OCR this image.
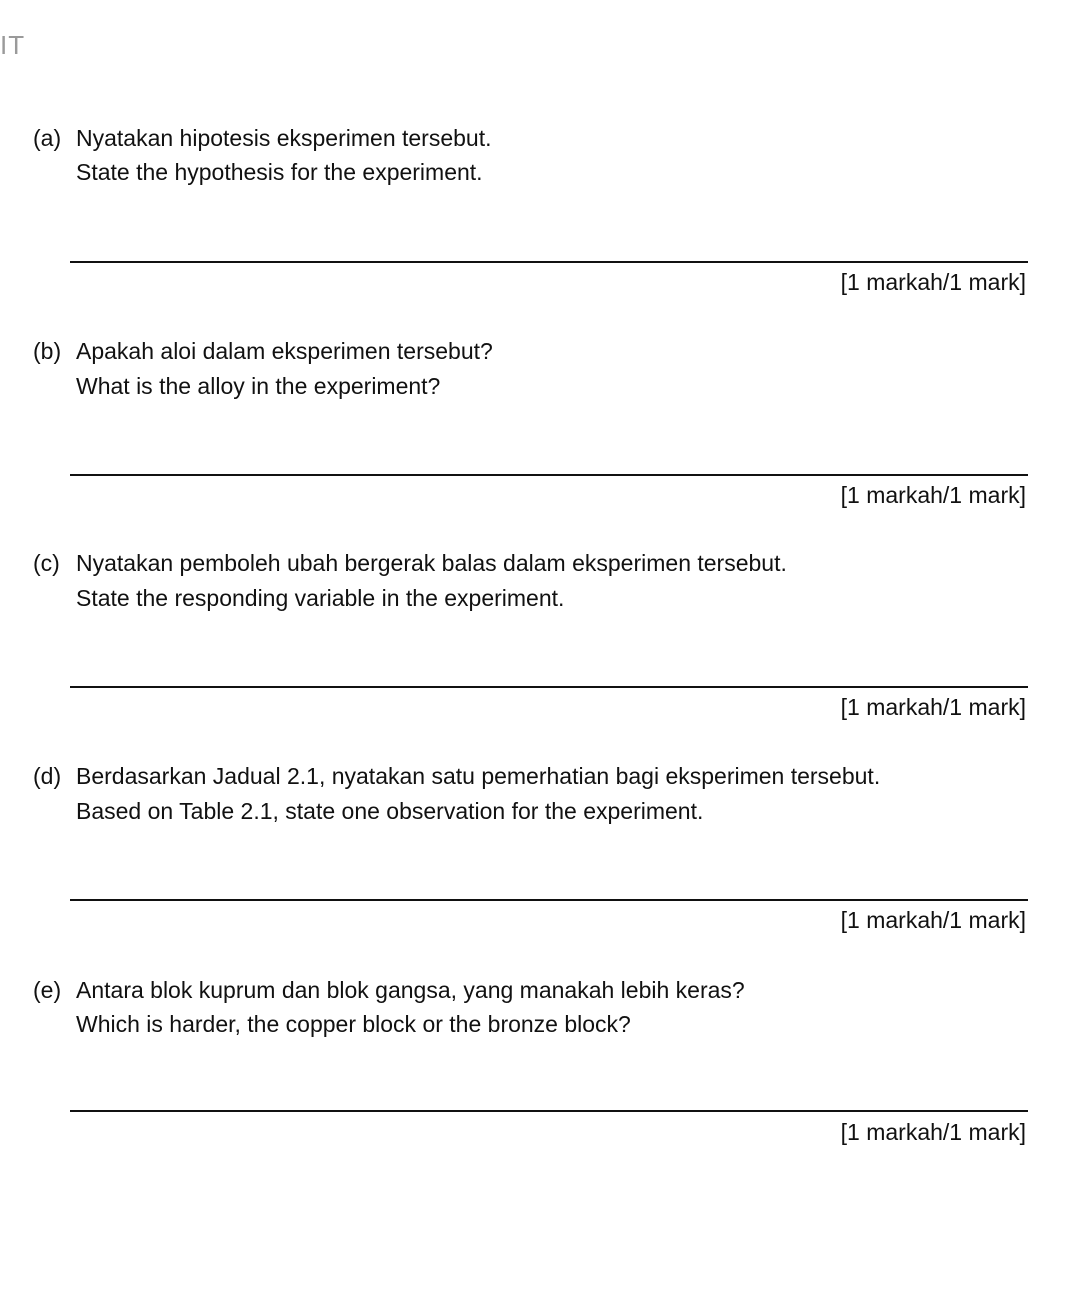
IT
(a) Nyatakan hipotesis eksperimen tersebut.
State the hypothesis for the experiment.
[1 markah/1 mark]
(b) Apakah aloi dalam eksperimen tersebut?
What is the alloy in the experiment?
[1 markah/1 mark]
(c) Nyatakan pemboleh ubah bergerak balas dalam eksperimen tersebut.
State the responding variable in the experiment.
[1 markah/1 mark]
(d) Berdasarkan Jadual 2.1, nyatakan satu pemerhatian bagi eksperimen tersebut.
Based on Table 2.1, state one observation for the experiment.
[1 markah/1 mark]
(e) Antara blok kuprum dan blok gangsa, yang manakah lebih keras?
Which is harder, the copper block or the bronze block?
[1 markah/1 mark]
